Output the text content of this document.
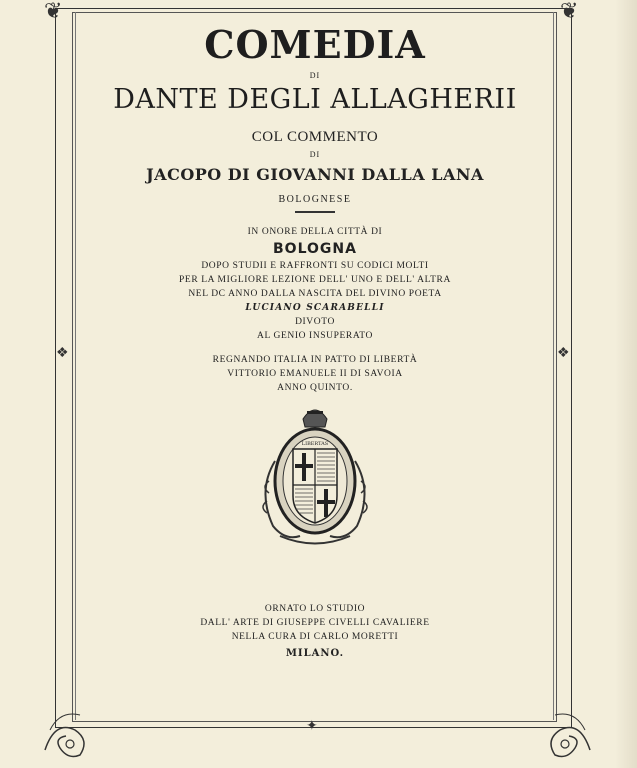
❦	❦
❖	❖
✦
COMEDIA
DI
DANTE DEGLI ALLAGHERII
COL COMMENTO
DI
JACOPO DI GIOVANNI DALLA LANA
BOLOGNESE
IN ONORE DELLA CITTÀ DI
BOLOGNA
DOPO STUDII E RAFFRONTI SU CODICI MOLTI
PER LA MIGLIORE LEZIONE DELL' UNO E DELL' ALTRA
NEL DC ANNO DALLA NASCITA DEL DIVINO POETA
LUCIANO SCARABELLI
DIVOTO
AL GENIO INSUPERATO
REGNANDO ITALIA IN PATTO DI LIBERTÀ
VITTORIO EMANUELE II DI SAVOIA
ANNO QUINTO.
LIBERTAS
ORNATO LO STUDIO
DALL' ARTE DI GIUSEPPE CIVELLI CAVALIERE
NELLA CURA DI CARLO MORETTI
MILANO.
